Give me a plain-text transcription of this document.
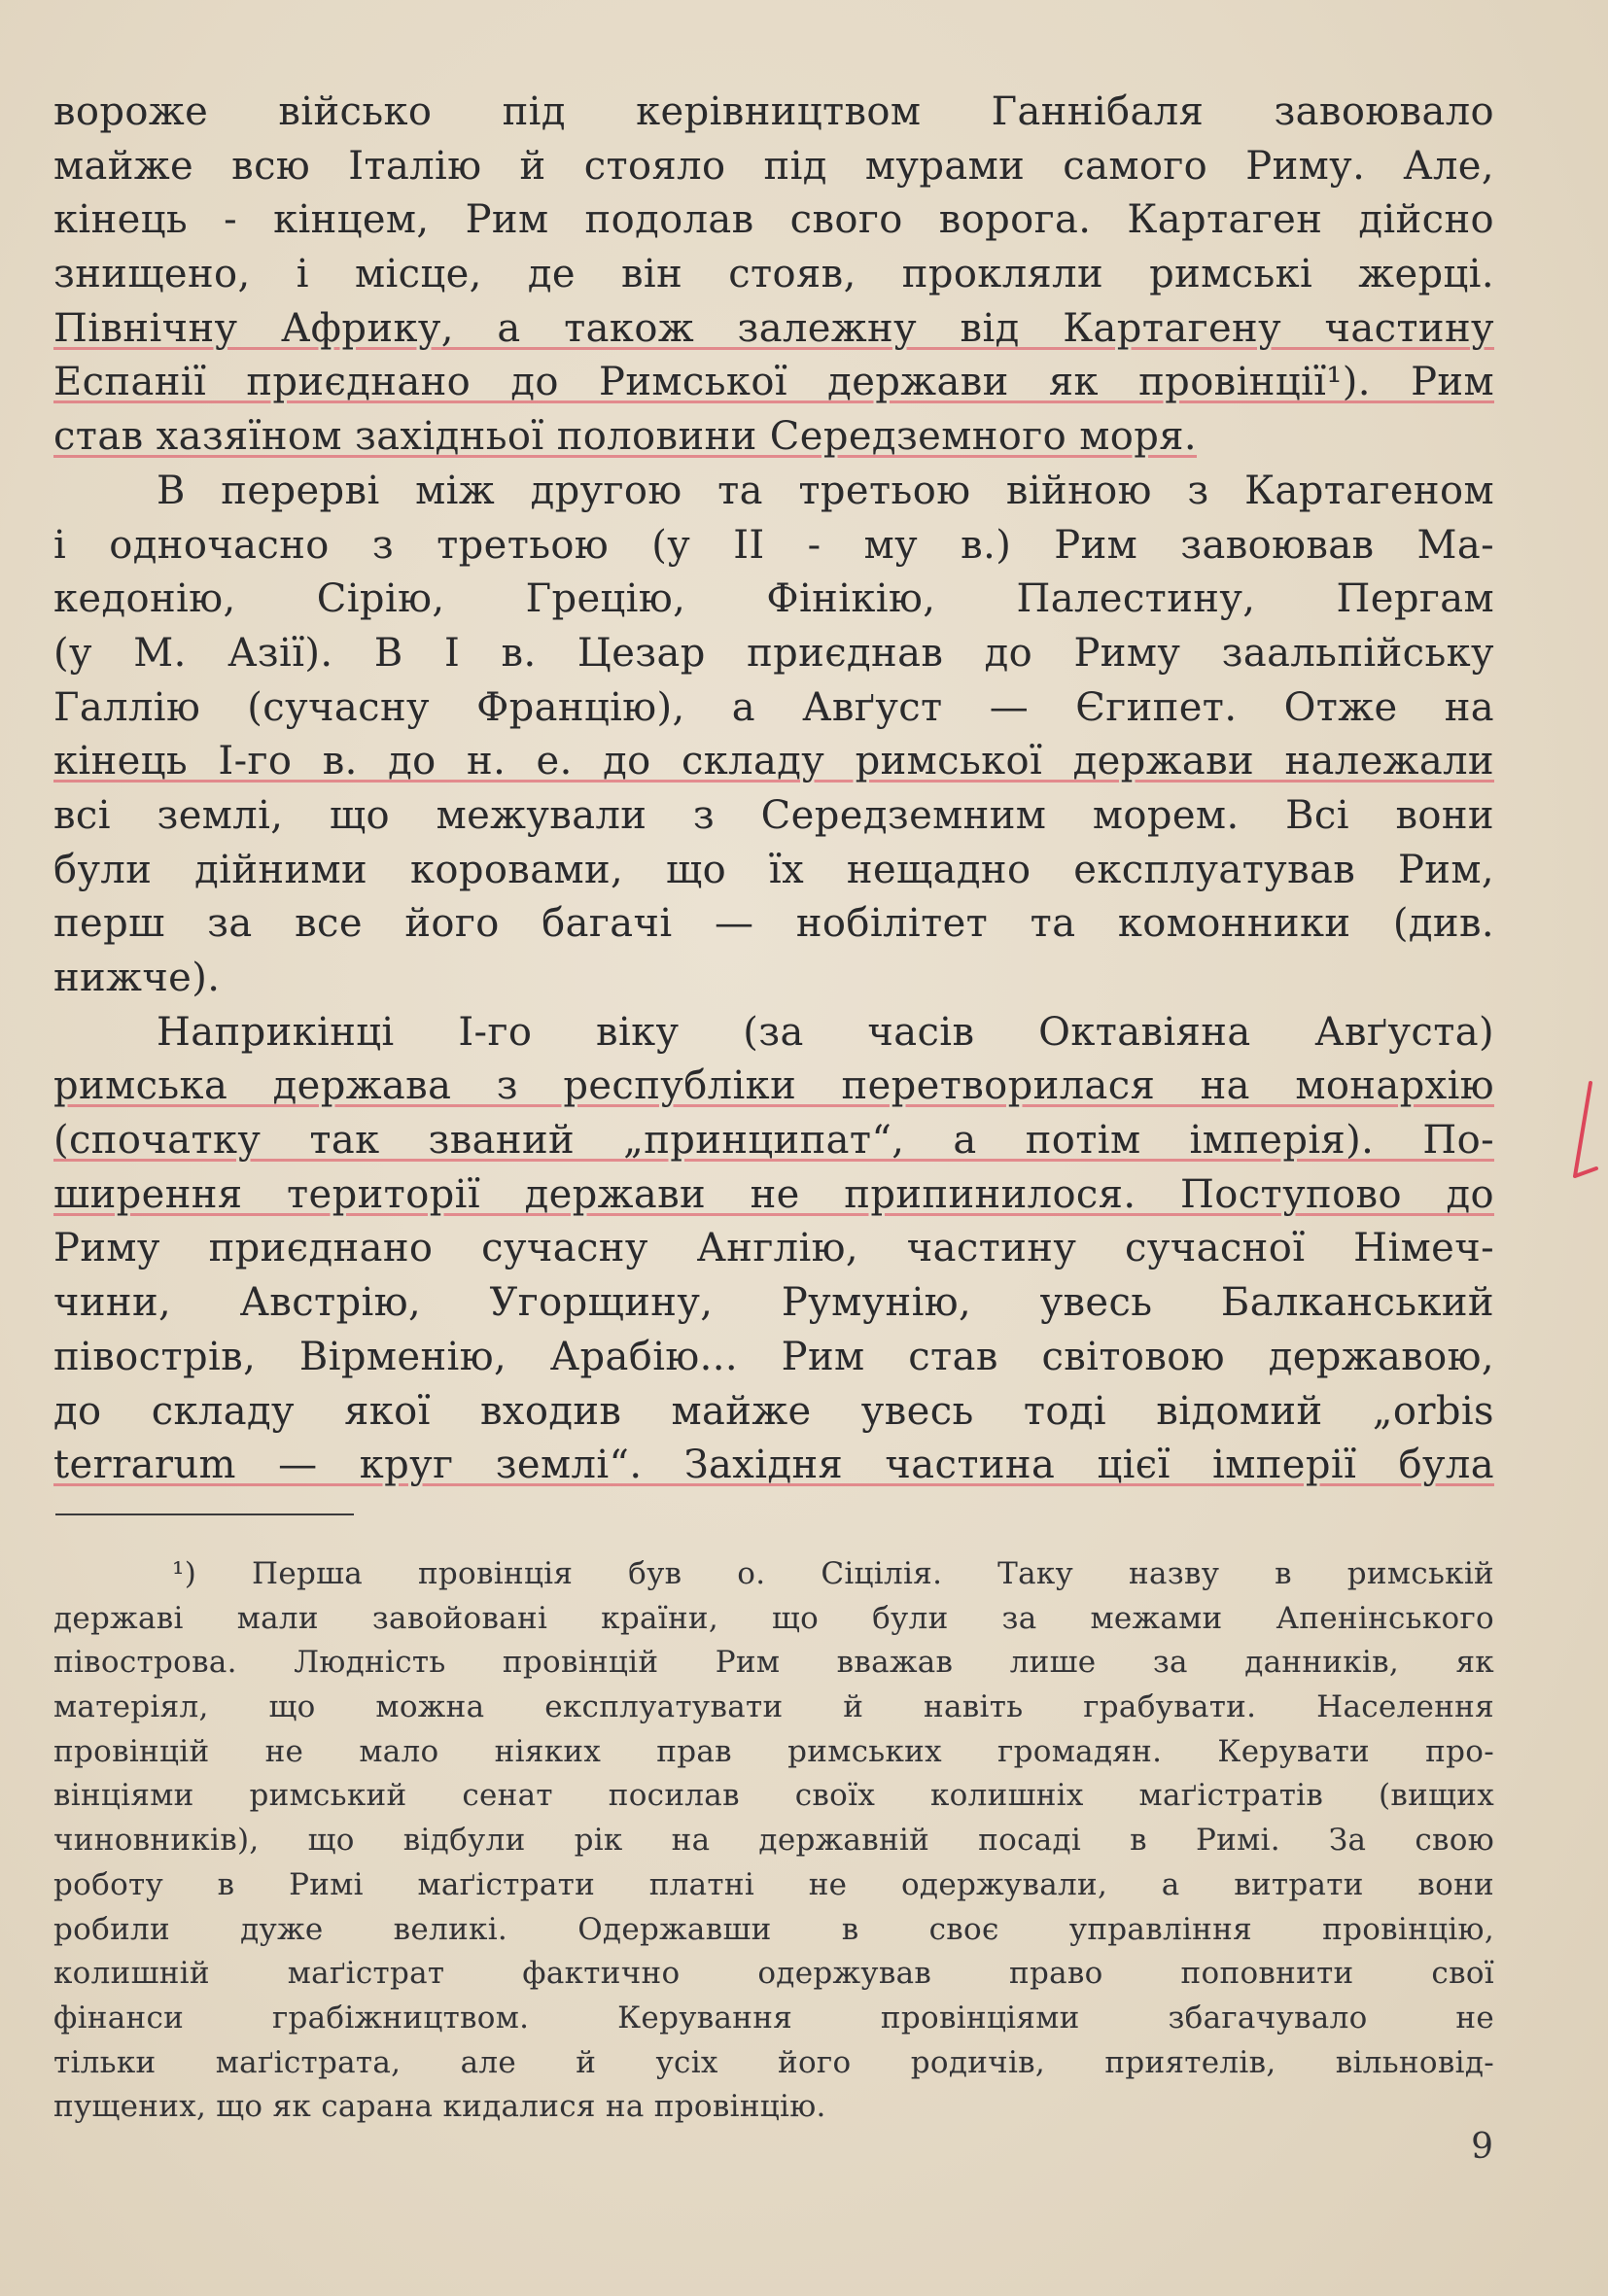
вороже військо під керівництвом Ганнібаля завоювало
майже всю Італію й стояло під мурами самого Риму. Але,
кінець - кінцем, Рим подолав свого ворога. Картаген дійсно
знищено, і місце, де він стояв, прокляли римські жерці.
Північну Африку, а також залежну від Картагену частину
Еспанії приєднано до Римської держави як провінції¹). Рим
став хазяїном західньої половини Середземного моря.
В перерві між другою та третьою війною з Картагеном
і одночасно з третьою (у II - му в.) Рим завоював Ма-
кедонію, Сірію, Грецію, Фінікію, Палестину, Пергам
(у М. Азії). В I в. Цезар приєднав до Риму заальпійську
Галлію (сучасну Францію), а Авґуст — Єгипет. Отже на
кінець I-го в. до н. е. до складу римської держави належали
всі землі, що межували з Середземним морем. Всі вони
були дійними коровами, що їх нещадно експлуатував Рим,
перш за все його багачі — нобілітет та комонники (див.
нижче).
Наприкінці I-го віку (за часів Октавіяна Авґуста)
римська держава з республіки перетворилася на монархію
(спочатку так званий „принципат“, а потім імперія). По-
ширення території держави не припинилося. Поступово до
Риму приєднано сучасну Англію, частину сучасної Німеч-
чини, Австрію, Угорщину, Румунію, увесь Балканський
півострів, Вірменію, Арабію... Рим став світовою державою,
до складу якої входив майже увесь тоді відомий „orbis
terrarum — круг землі“. Західня частина цієї імперії була
¹) Перша провінція був о. Сіцілія. Таку назву в римській
державі мали завойовані країни, що були за межами Апенінського
півострова. Людність провінцій Рим вважав лише за данників, як
матеріял, що можна експлуатувати й навіть грабувати. Населення
провінцій не мало ніяких прав римських громадян. Керувати про-
вінціями римський сенат посилав своїх колишніх маґістратів (вищих
чиновників), що відбули рік на державній посаді в Римі. За свою
роботу в Римі маґістрати платні не одержували, а витрати вони
робили дуже великі. Одержавши в своє управління провінцію,
колишній маґістрат фактично одержував право поповнити свої
фінанси грабіжництвом. Керування провінціями збагачувало не
тільки маґістрата, але й усіх його родичів, приятелів, вільновід-
пущених, що як сарана кидалися на провінцію.
9
